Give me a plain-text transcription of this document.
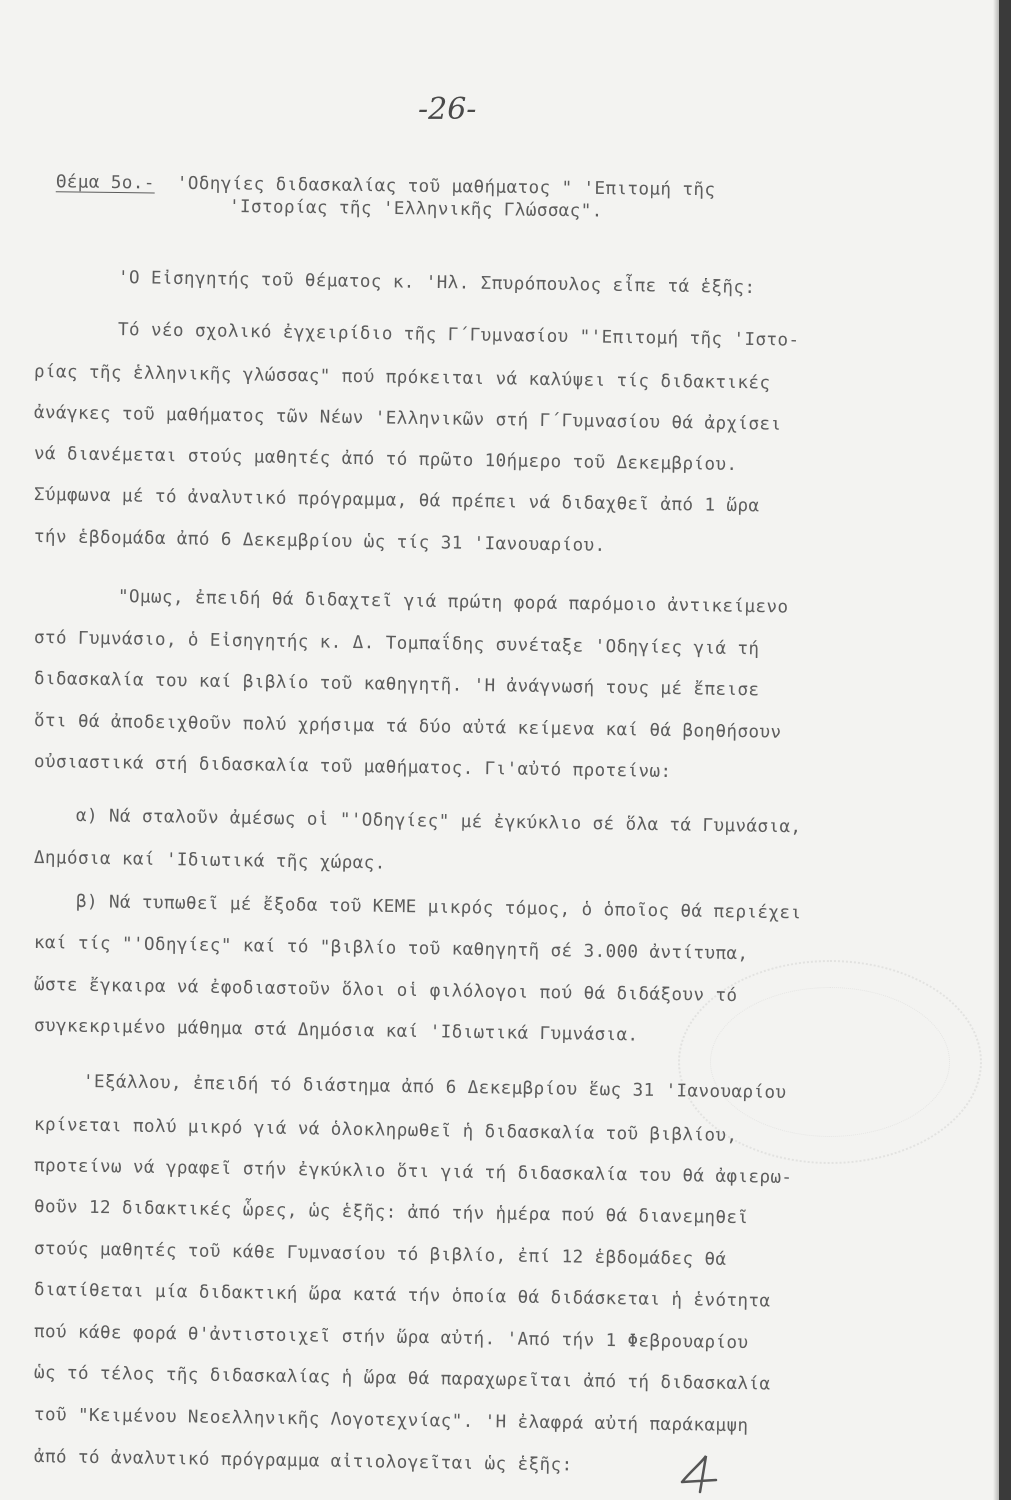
-26-

Θέμα 5ο.- 'Οδηγίες διδασκαλίας τοῦ μαθήματος " 'Επιτομή τῆς

'Ιστορίας τῆς 'Ελληνικῆς Γλώσσας".
'Ο Εἰσηγητής τοῦ θέματος κ. 'Ηλ. Σπυρόπουλος εἶπε τά ἑξῆς:
Τό νέο σχολικό ἐγχειρίδιο τῆς Γ΄Γυμνασίου "'Επιτομή τῆς 'Ιστο-
ρίας τῆς ἑλληνικῆς γλώσσας" πού πρόκειται νά καλύψει τίς διδακτικές
ἀνάγκες τοῦ μαθήματος τῶν Νέων 'Ελληνικῶν στή Γ΄Γυμνασίου θά ἀρχίσει
νά διανέμεται στούς μαθητές ἀπό τό πρῶτο 10ήμερο τοῦ Δεκεμβρίου.
Σύμφωνα μέ τό ἀναλυτικό πρόγραμμα, θά πρέπει νά διδαχθεῖ ἀπό 1 ὥρα
τήν ἑβδομάδα ἀπό 6 Δεκεμβρίου ὡς τίς 31 'Ιανουαρίου.
"Ομως, ἐπειδή θά διδαχτεῖ γιά πρώτη φορά παρόμοιο ἀντικείμενο
στό Γυμνάσιο, ὁ Εἰσηγητής κ. Δ. Τομπαΐδης συνέταξε 'Οδηγίες γιά τή
διδασκαλία του καί βιβλίο τοῦ καθηγητῆ. 'Η ἀνάγνωσή τους μέ ἔπεισε
ὅτι θά ἀποδειχθοῦν πολύ χρήσιμα τά δύο αὐτά κείμενα καί θά βοηθήσουν
οὐσιαστικά στή διδασκαλία τοῦ μαθήματος. Γι'αὐτό προτείνω:
α) Νά σταλοῦν ἀμέσως οἱ "'Οδηγίες" μέ ἐγκύκλιο σέ ὅλα τά Γυμνάσια,
Δημόσια καί 'Ιδιωτικά τῆς χώρας.
β) Νά τυπωθεῖ μέ ἔξοδα τοῦ ΚΕΜΕ μικρός τόμος, ὁ ὁποῖος θά περιέχει
καί τίς "'Οδηγίες" καί τό "βιβλίο τοῦ καθηγητῆ σέ 3.000 ἀντίτυπα,
ὥστε ἔγκαιρα νά ἐφοδιαστοῦν ὅλοι οἱ φιλόλογοι πού θά διδάξουν τό
συγκεκριμένο μάθημα στά Δημόσια καί 'Ιδιωτικά Γυμνάσια.
'Εξάλλου, ἐπειδή τό διάστημα ἀπό 6 Δεκεμβρίου ἕως 31 'Ιανουαρίου
κρίνεται πολύ μικρό γιά νά ὁλοκληρωθεῖ ἡ διδασκαλία τοῦ βιβλίου,
προτείνω νά γραφεῖ στήν ἐγκύκλιο ὅτι γιά τή διδασκαλία του θά ἀφιερω-
θοῦν 12 διδακτικές ὧρες, ὡς ἑξῆς: ἀπό τήν ἡμέρα πού θά διανεμηθεῖ
στούς μαθητές τοῦ κάθε Γυμνασίου τό βιβλίο, ἐπί 12 ἑβδομάδες θά
διατίθεται μία διδακτική ὥρα κατά τήν ὁποία θά διδάσκεται ἡ ἑνότητα
πού κάθε φορά θ'ἀντιστοιχεῖ στήν ὥρα αὐτή. 'Από τήν 1 Φεβρουαρίου
ὡς τό τέλος τῆς διδασκαλίας ἡ ὥρα θά παραχωρεῖται ἀπό τή διδασκαλία
τοῦ "Κειμένου Νεοελληνικῆς Λογοτεχνίας". 'Η ἐλαφρά αὐτή παράκαμψη
ἀπό τό ἀναλυτικό πρόγραμμα αἰτιολογεῖται ὡς ἑξῆς:
